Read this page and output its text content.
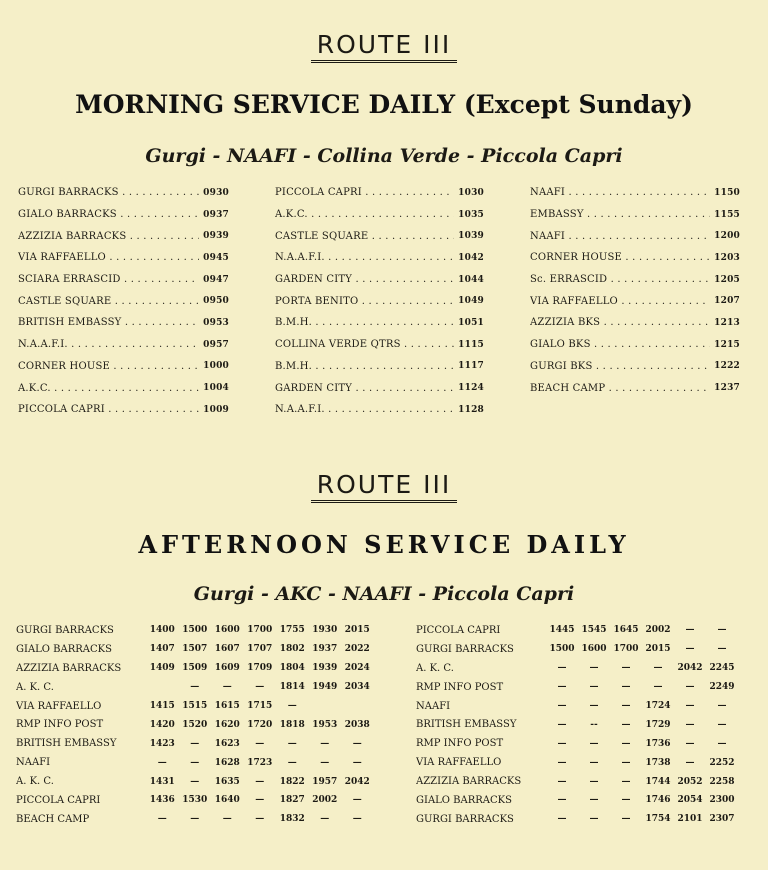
ROUTE III
MORNING SERVICE DAILY (Except Sunday)
Gurgi - NAAFI - Collina Verde - Piccola Capri
GURGI BARRACKS . . .	0930
GIALO BARRACKS . . .	0937
AZZIZIA BARRACKS . . .	0939
VIA RAFFAELLO . . .	0945
SCIARA ERRASCID . . .	0947
CASTLE SQUARE . . .	0950
BRITISH EMBASSY . . .	0953
N.A.A.F.I. . . .	0957
CORNER HOUSE . . .	1000
A.K.C. . . .	1004
PICCOLA CAPRI . . .	1009
PICCOLA CAPRI . . .	1030
A.K.C. . . .	1035
CASTLE SQUARE . . .	1039
N.A.A.F.I. . . .	1042
GARDEN CITY . . .	1044
PORTA BENITO . . .	1049
B.M.H. . . .	1051
COLLINA VERDE QTRS . . .	1115
B.M.H. . . .	1117
GARDEN CITY . . .	1124
N.A.A.F.I. . . .	1128
NAAFI . . .	1150
EMBASSY . . .	1155
NAAFI . . .	1200
CORNER HOUSE . . .	1203
Sc. ERRASCID . . .	1205
VIA RAFFAELLO . . .	1207
AZZIZIA BKS . . .	1213
GIALO BKS . . .	1215
GURGI BKS . . .	1222
BEACH CAMP . . .	1237
ROUTE III
AFTERNOON SERVICE DAILY
Gurgi - AKC - NAAFI - Piccola Capri
GURGI BARRACKS	1400 1500 1600 1700 1755 1930 2015
GIALO BARRACKS	1407 1507 1607 1707 1802 1937 2022
AZZIZIA BARRACKS	1409 1509 1609 1709 1804 1939 2024
A. K. C.	—	—	—	1814 1949 2034
VIA RAFFAELLO	1415 1515 1615 1715	—
RMP INFO POST	1420 1520 1620 1720 1818 1953 2038
BRITISH EMBASSY	1423	—	1623	—	—	—	—
NAAFI	—	—	1628 1723	—	—	—
A. K. C.	1431	—	1635	—	1822 1957 2042
PICCOLA CAPRI	1436 1530 1640	—	1827 2002	—
BEACH CAMP	—	—	—	—	1832	—	—
PICCOLA CAPRI	1445 1545 1645 2002	—	—
GURGI BARRACKS	1500 1600 1700 2015	—	—
A. K. C.	—	—	—	—	2042 2245
RMP INFO POST	—	—	—	—	—	2249
NAAFI	—	—	—	1724	—	—
BRITISH EMBASSY	—	--	—	1729	—	—
RMP INFO POST	—	—	—	1736	—	—
VIA RAFFAELLO	—	—	—	1738	—	2252
AZZIZIA BARRACKS	—	—	—	1744 2052 2258
GIALO BARRACKS	—	—	—	1746 2054 2300
GURGI BARRACKS	—	—	—	1754 2101 2307
